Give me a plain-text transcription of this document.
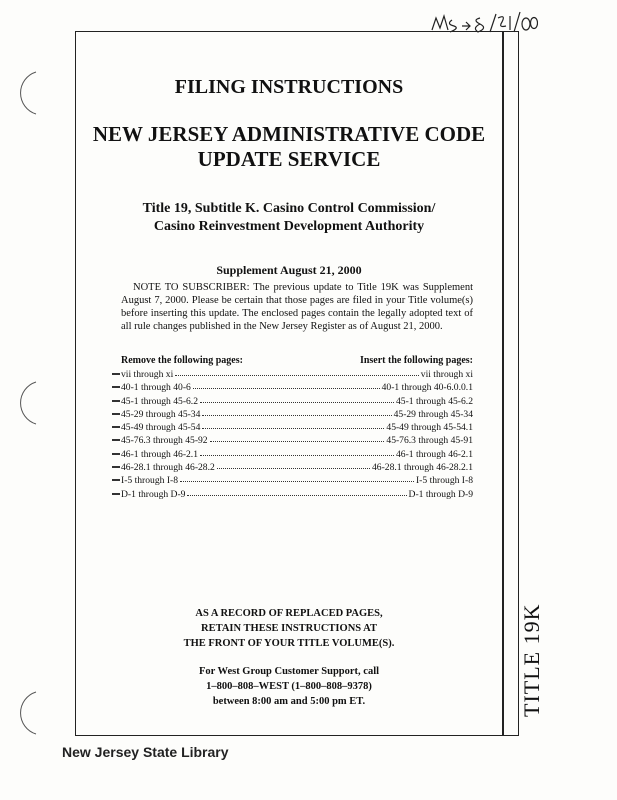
TITLE 19K
FILING INSTRUCTIONS
NEW JERSEY ADMINISTRATIVE CODE
UPDATE SERVICE
Title 19, Subtitle K. Casino Control Commission/
Casino Reinvestment Development Authority
Supplement August 21, 2000
NOTE TO SUBSCRIBER: The previous update to Title 19K was Supplement August 7, 2000. Please be certain that those pages are filed in your Title volume(s) before inserting this update. The enclosed pages contain the legally adopted text of all rule changes published in the New Jersey Register as of August 21, 2000.
Remove the following pages:	Insert the following pages:
vii through xi	vii through xi
40-1 through 40-6	40-1 through 40-6.0.0.1
45-1 through 45-6.2	45-1 through 45-6.2
45-29 through 45-34	45-29 through 45-34
45-49 through 45-54	45-49 through 45-54.1
45-76.3 through 45-92	45-76.3 through 45-91
46-1 through 46-2.1	46-1 through 46-2.1
46-28.1 through 46-28.2	46-28.1 through 46-28.2.1
I-5 through I-8	I-5 through I-8
D-1 through D-9	D-1 through D-9
AS A RECORD OF REPLACED PAGES,
RETAIN THESE INSTRUCTIONS AT
THE FRONT OF YOUR TITLE VOLUME(S).
For West Group Customer Support, call
1–800–808–WEST (1–800–808–9378)
between 8:00 am and 5:00 pm ET.
New Jersey State Library
